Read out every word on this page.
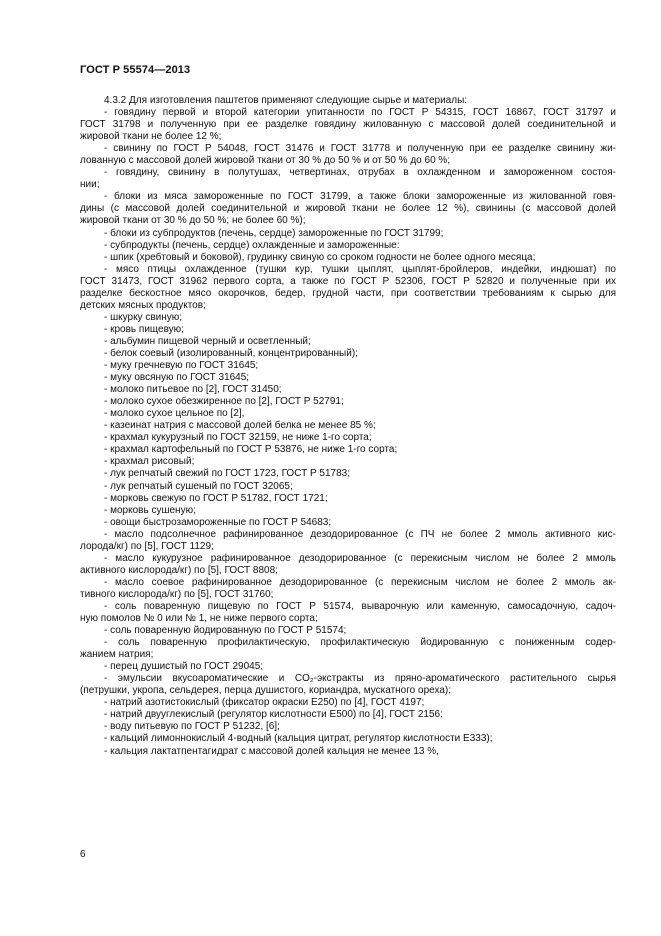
ГОСТ Р 55574—2013
4.3.2 Для изготовления паштетов применяют следующие сырье и материалы:
- говядину первой и второй категории упитанности по ГОСТ Р 54315, ГОСТ 16867, ГОСТ 31797 и
ГОСТ 31798 и полученную при ее разделке говядину жилованную с массовой долей соединительной и
жировой ткани не более 12 %;
- свинину по ГОСТ Р 54048, ГОСТ 31476 и ГОСТ 31778 и полученную при ее разделке свинину жи-
лованную с массовой долей жировой ткани от 30 % до 50 % и от 50 % до 60 %;
- говядину, свинину в полутушах, четвертинах, отрубах в охлажденном и замороженном состоя-
нии;
- блоки из мяса замороженные по ГОСТ 31799, а также блоки замороженные из жилованной говя-
дины (с массовой долей соединительной и жировой ткани не более 12 %), свинины (с массовой долей
жировой ткани от 30 % до 50 %; не более 60 %);
- блоки из субпродуктов (печень, сердце) замороженные по ГОСТ 31799;
- субпродукты (печень, сердце) охлажденные и замороженные:
- шпик (хребтовый и боковой), грудинку свиную со сроком годности не более одного месяца;
- мясо птицы охлажденное (тушки кур, тушки цыплят, цыплят-бройлеров, индейки, индюшат) по
ГОСТ 31473, ГОСТ 31962 первого сорта, а также по ГОСТ Р 52306, ГОСТ Р 52820 и полученные при их
разделке бескостное мясо окорочков, бедер, грудной части, при соответствии требованиям к сырью для
детских мясных продуктов;
- шкурку свиную;
- кровь пищевую;
- альбумин пищевой черный и осветленный;
- белок соевый (изолированный, концентрированный);
- муку гречневую по ГОСТ 31645;
- муку овсяную по ГОСТ 31645;
- молоко питьевое по [2], ГОСТ 31450;
- молоко сухое обезжиренное по [2], ГОСТ Р 52791;
- молоко сухое цельное по [2],
- казеинат натрия с массовой долей белка не менее 85 %;
- крахмал кукурузный по ГОСТ 32159, не ниже 1-го сорта;
- крахмал картофельный по ГОСТ Р 53876, не ниже 1-го сорта;
- крахмал рисовый;
- лук репчатый свежий по ГОСТ 1723, ГОСТ Р 51783;
- лук репчатый сушеный по ГОСТ 32065;
- морковь свежую по ГОСТ Р 51782, ГОСТ 1721;
- морковь сушеную;
- овощи быстрозамороженные по ГОСТ Р 54683;
- масло подсолнечное рафинированное дезодорированное (с ПЧ не более 2 ммоль активного кис-
лорода/кг) по [5], ГОСТ 1129;
- масло кукурузное рафинированное дезодорированное (с перекисным числом не более 2 ммоль
активного кислорода/кг) по [5], ГОСТ 8808;
- масло соевое рафинированное дезодорированное (с перекисным числом не более 2 ммоль ак-
тивного кислорода/кг) по [5], ГОСТ 31760;
- соль поваренную пищевую по ГОСТ Р 51574, выварочную или каменную, самосадочную, садоч-
ную помолов № 0 или № 1, не ниже первого сорта;
- соль поваренную йодированную по ГОСТ Р 51574;
- соль поваренную профилактическую, профилактическую йодированную с пониженным содер-
жанием натрия;
- перец душистый по ГОСТ 29045;
- эмульсии вкусоароматические и CO₂-экстракты из пряно-ароматического растительного сырья
(петрушки, укропа, сельдерея, перца душистого, кориандра, мускатного ореха);
- натрий азотистокислый (фиксатор окраски Е250) по [4], ГОСТ 4197;
- натрий двууглекислый (регулятор кислотности Е500) по [4], ГОСТ 2156;
- воду питьевую по ГОСТ Р 51232, [6];
- кальций лимоннокислый 4-водный (кальция цитрат, регулятор кислотности Е333);
- кальция лактатпентагидрат с массовой долей кальция не менее 13 %,
6
